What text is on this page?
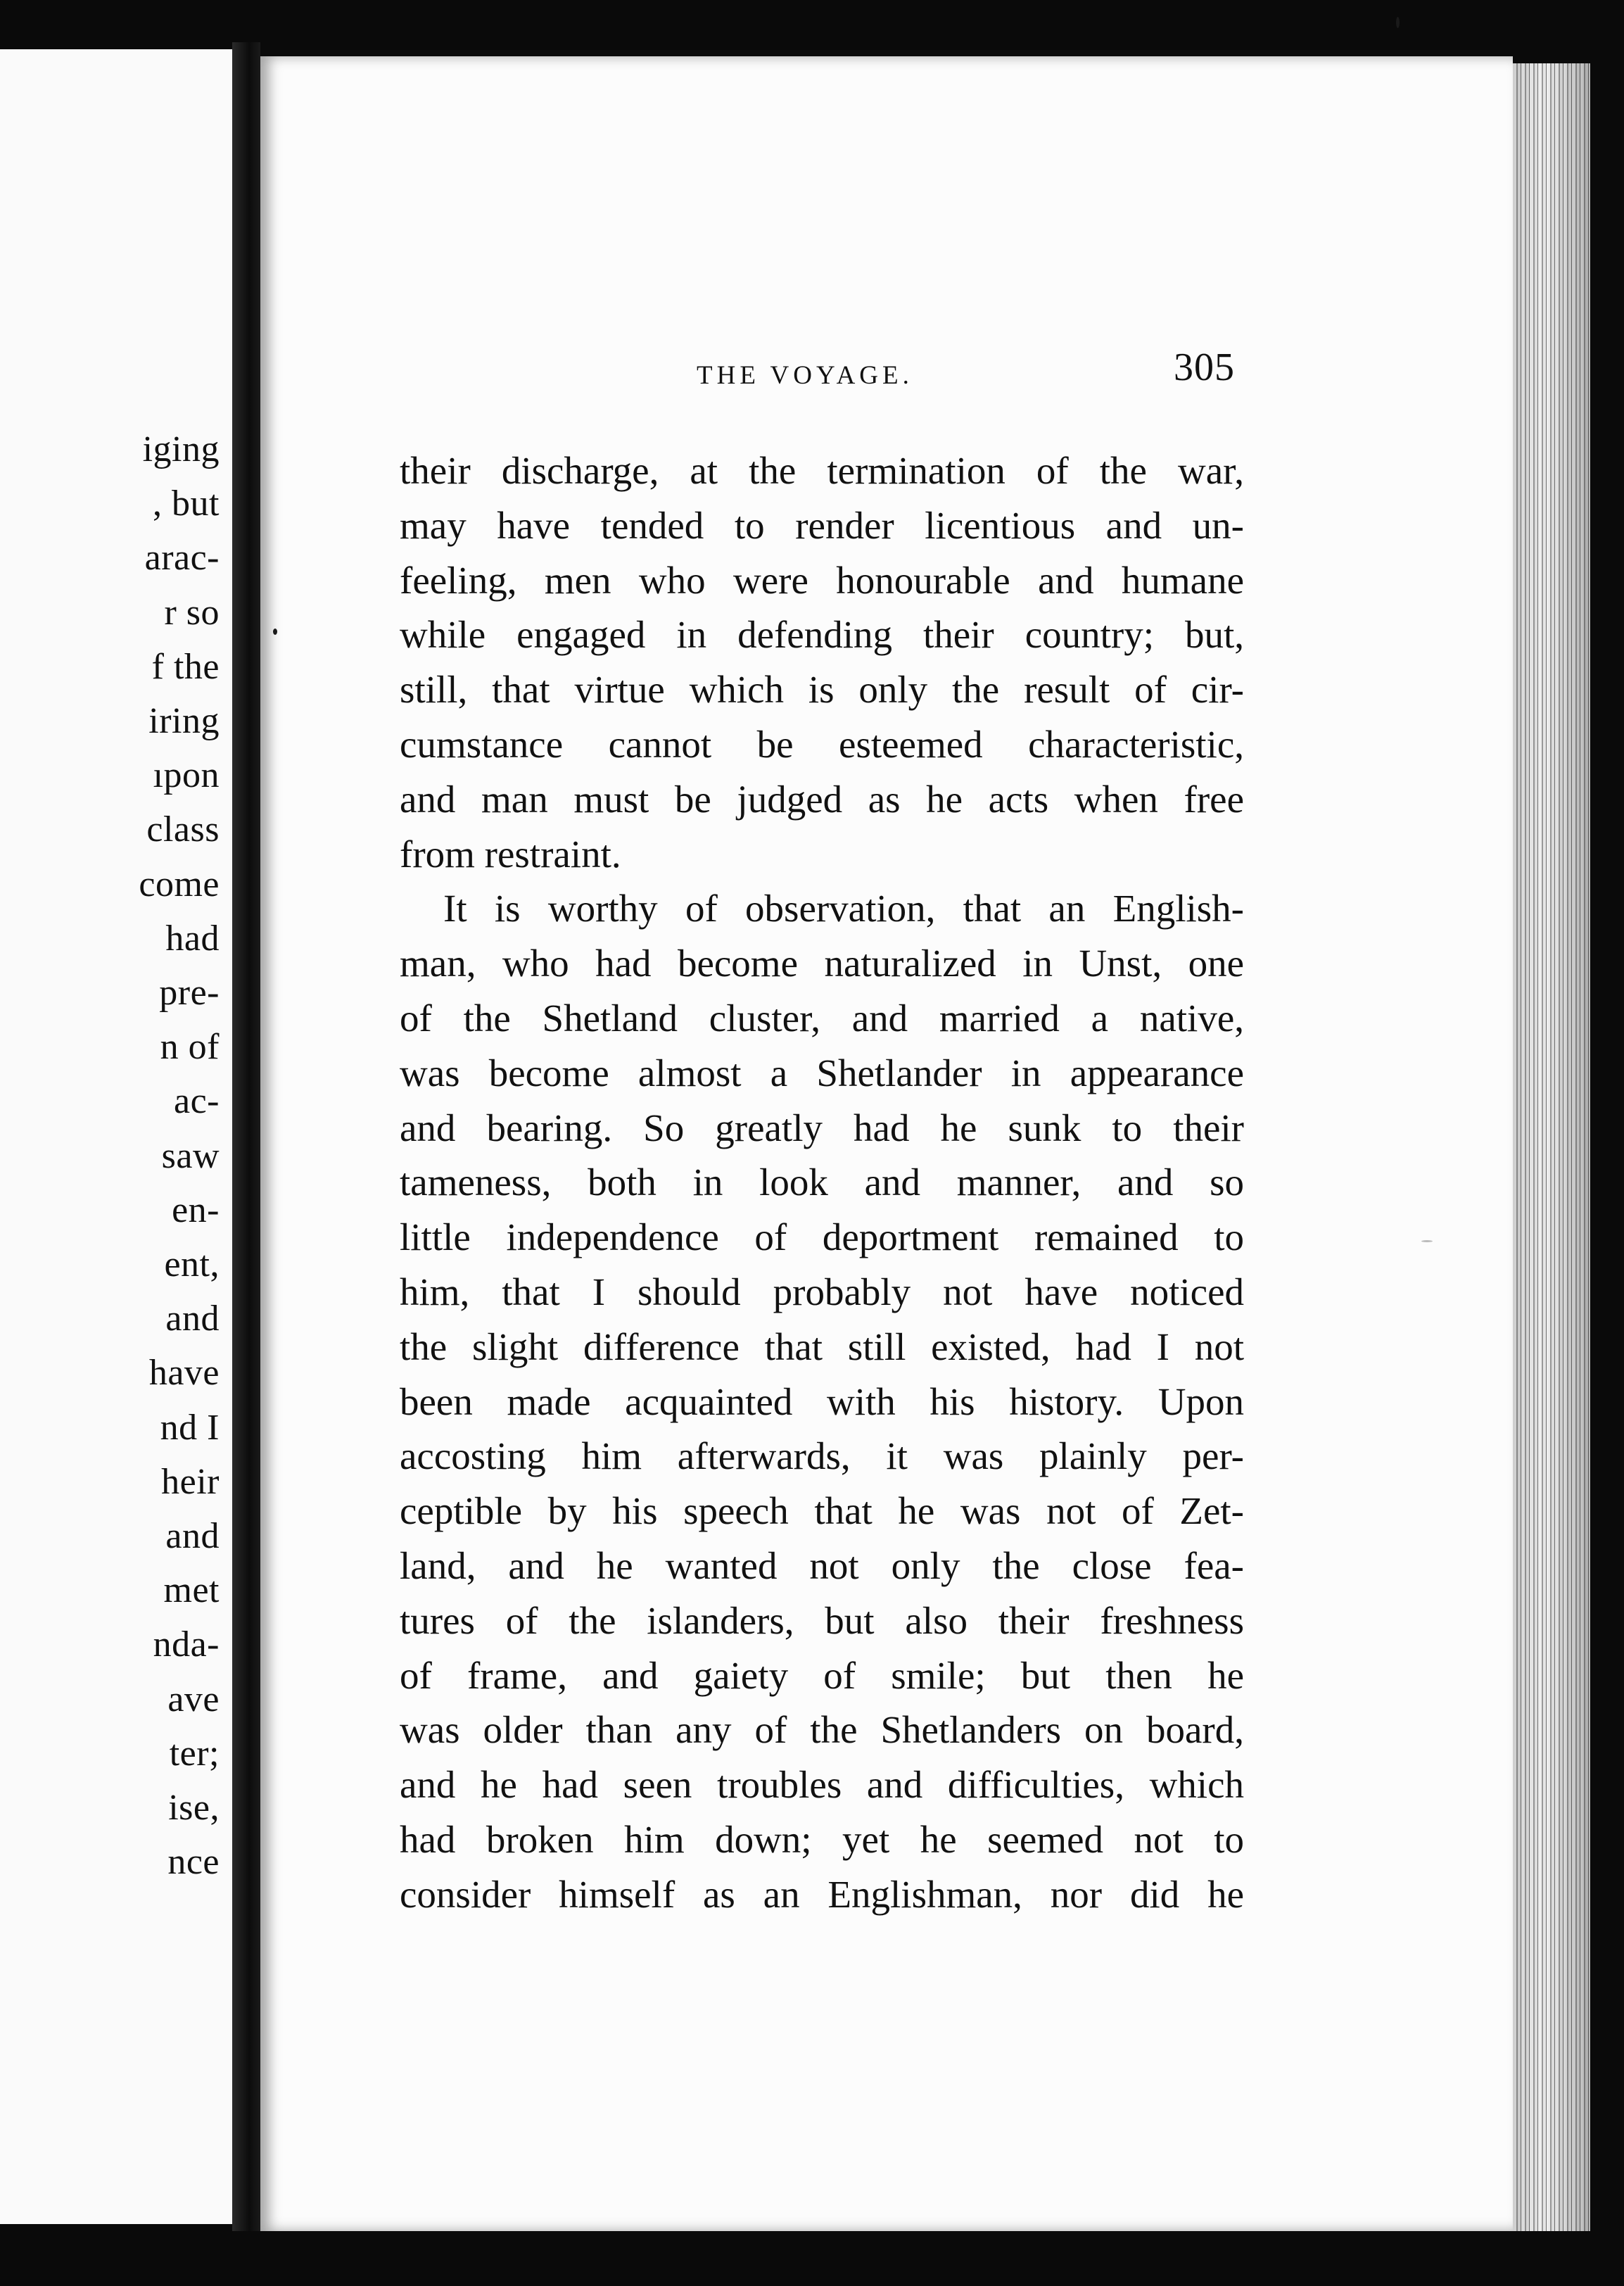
iging
, but
arac-
r so
f the
iring
ıpon
class
come
had
pre-
n of
ac-
saw
en-
ent,
and
have
nd I
heir
and
met
nda-
ave
ter;
ise,
nce
THE VOYAGE.	305
their discharge, at the termination of the war,
may have tended to render licentious and un-
feeling, men who were honourable and humane
while engaged in defending their country; but,
still, that virtue which is only the result of cir-
cumstance cannot be esteemed characteristic,
and man must be judged as he acts when free
from restraint.
It is worthy of observation, that an English-
man, who had become naturalized in Unst, one
of the Shetland cluster, and married a native,
was become almost a Shetlander in appearance
and bearing. So greatly had he sunk to their
tameness, both in look and manner, and so
little independence of deportment remained to
him, that I should probably not have noticed
the slight difference that still existed, had I not
been made acquainted with his history. Upon
accosting him afterwards, it was plainly per-
ceptible by his speech that he was not of Zet-
land, and he wanted not only the close fea-
tures of the islanders, but also their freshness
of frame, and gaiety of smile; but then he
was older than any of the Shetlanders on board,
and he had seen troubles and difficulties, which
had broken him down; yet he seemed not to
consider himself as an Englishman, nor did he
